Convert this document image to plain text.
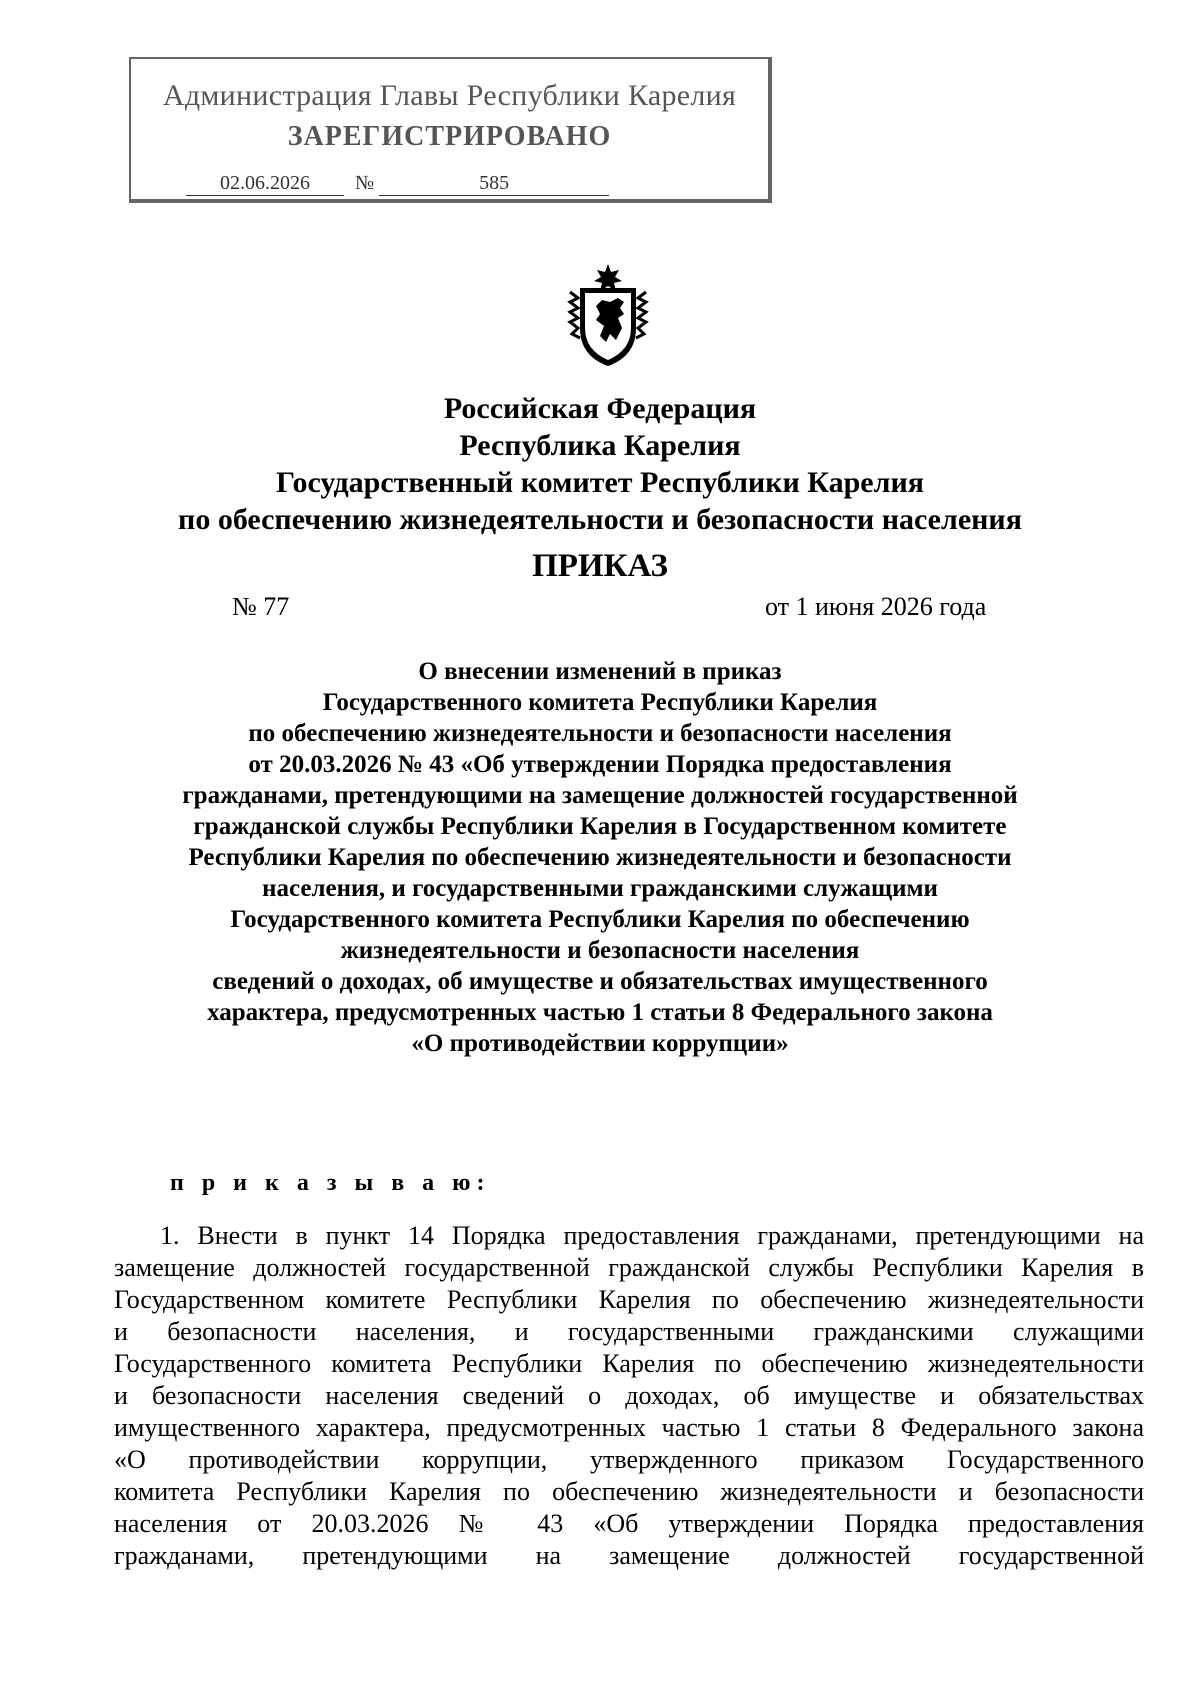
Администрация Главы Республики Карелия
ЗАРЕГИСТРИРОВАНО
02.06.2026 №	585
Российская Федерация
Республика Карелия
Государственный комитет Республики Карелия
по обеспечению жизнедеятельности и безопасности населения
ПРИКАЗ
№ 77	от 1 июня 2026 года
О внесении изменений в приказ
Государственного комитета Республики Карелия
по обеспечению жизнедеятельности и безопасности населения
от 20.03.2026 № 43 «Об утверждении Порядка предоставления
гражданами, претендующими на замещение должностей государственной
гражданской службы Республики Карелия в Государственном комитете
Республики Карелия по обеспечению жизнедеятельности и безопасности
населения, и государственными гражданскими служащими
Государственного комитета Республики Карелия по обеспечению
жизнедеятельности и безопасности населения
сведений о доходах, об имуществе и обязательствах имущественного
характера, предусмотренных частью 1 статьи 8 Федерального закона
«О противодействии коррупции»
п р и к а з ы в а ю:
1. Внести в пункт 14 Порядка предоставления гражданами, претендующими на
замещение должностей государственной гражданской службы Республики Карелия в
Государственном комитете Республики Карелия по обеспечению жизнедеятельности
и безопасности населения, и государственными гражданскими служащими
Государственного комитета Республики Карелия по обеспечению жизнедеятельности
и безопасности населения сведений о доходах, об имуществе и обязательствах
имущественного характера, предусмотренных частью 1 статьи 8 Федерального закона
«О противодействии коррупции, утвержденного приказом Государственного
комитета Республики Карелия по обеспечению жизнедеятельности и безопасности
населения от 20.03.2026 № 43 «Об утверждении Порядка предоставления
гражданами, претендующими на замещение должностей государственной
